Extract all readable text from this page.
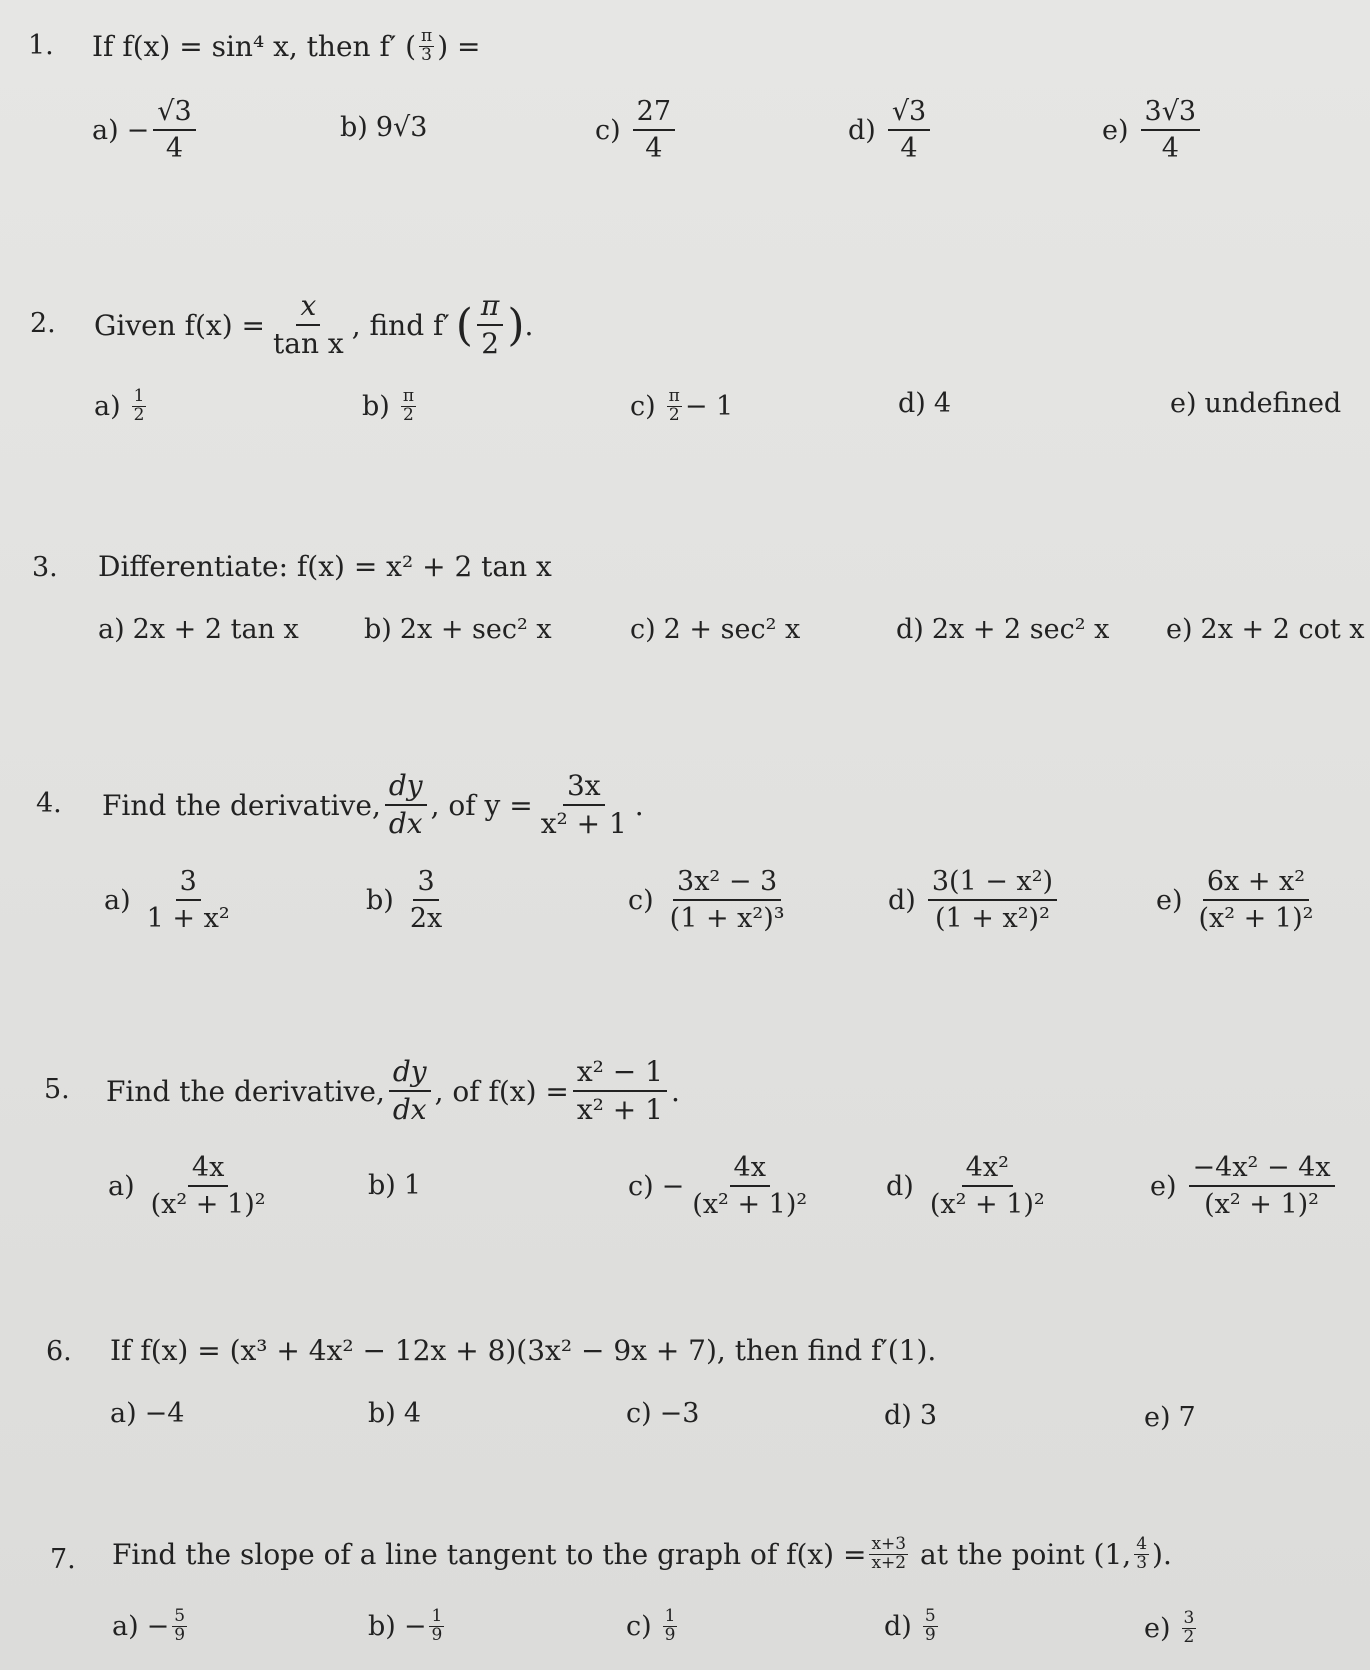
1. If f(x) = sin⁴ x, then f′ ( π
3 ) =
$a) - \frac{√3}{4}$	b) 9√3	$c) \frac{27}{4}$	$d) \frac{√3}{4}$	$e) \frac{3√3}{4}$
2. Given $f(x) = \frac{x}{\text{tan x}}$ , find f′ ( $\frac{\pi}{2}$ ) .
a) 1
2	b) π
2	c) π
2 − 1	d) 4	e) undefined
3. Differentiate: f(x) = x² + 2 tan x
a) 2x + 2 tan x b) 2x + sec² x	c) 2 + sec² x	d) 2x + 2 sec² x e) 2x + 2 cot x
4. Find the derivative, $\frac{dy}{dx}$ , of $y = \frac{3x}{\text{x² + 1}}$ .
$a) \frac{3}{\text{1 + x²}}$	$b) \frac{3}{2x}$	$c) \frac{\text{3x² − 3}}{\text{(1 + x²)³}}$	$d) \frac{\text{3(1 − x²)}}{\text{(1 + x²)²}}$	$e) \frac{\text{6x + x²}}{\text{(x² + 1)²}}$
5. Find the derivative, $\frac{dy}{dx}$ , of $f(x) = \frac{\text{x² − 1}}{\text{x² + 1}}$ .
$a) \frac{4x}{\text{(x² + 1)²}}$	b) 1	$c) - \frac{4x}{\text{(x² + 1)²}}$	$d) \frac{\text{4x²}}{\text{(x² + 1)²}}$	$e) \frac{\text{−4x² − 4x}}{\text{(x² + 1)²}}$
6. If f(x) = (x³ + 4x² − 12x + 8)(3x² − 9x + 7), then find f′(1).
a) −4	b) 4	c) −3	d) 3	e) 7
7. Find the slope of a line tangent to the graph of $f(x) = \frac{x+3}{x+2}$ at the point (1, 4
3 ).
$a) - \frac{5}{9}$	$b) - \frac{1}{9}$	c) 1
9	d) 5
9	e) 3
2
